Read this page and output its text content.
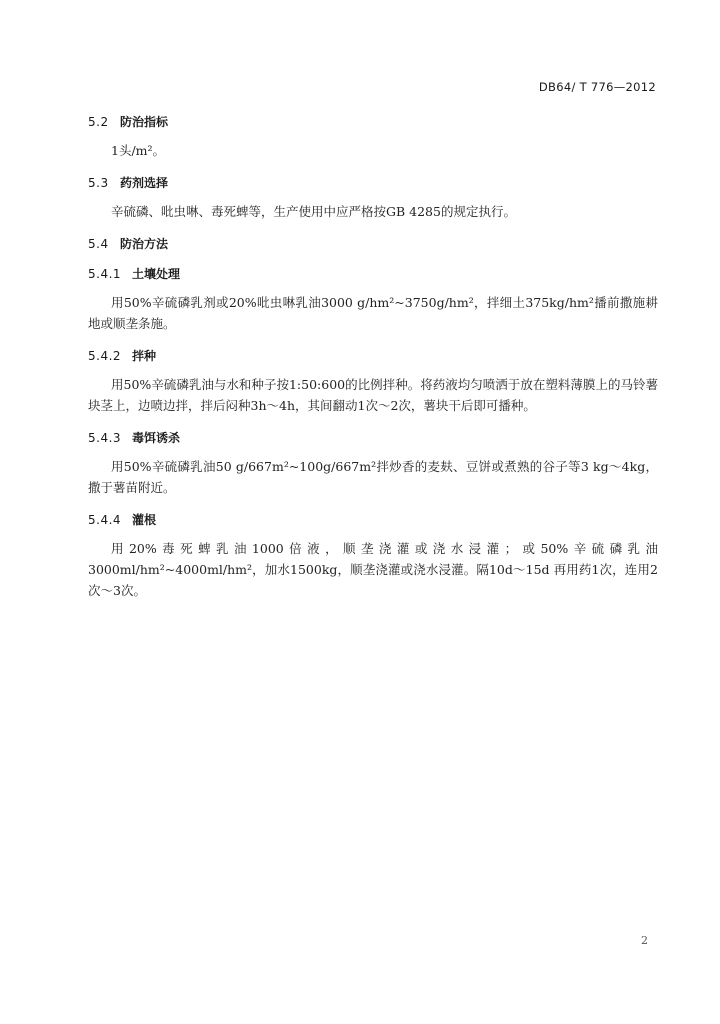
DB64/ T 776—2012
5.2 防治指标
1头/m²。
5.3 药剂选择
辛硫磷、吡虫啉、毒死蜱等，生产使用中应严格按GB 4285的规定执行。
5.4 防治方法
5.4.1 土壤处理
用50%辛硫磷乳剂或20%吡虫啉乳油3000 g/hm²~3750g/hm²，拌细土375kg/hm²播前撒施耕地或顺垄条施。
5.4.2 拌种
用50%辛硫磷乳油与水和种子按1:50:600的比例拌种。将药液均匀喷洒于放在塑料薄膜上的马铃薯块茎上，边喷边拌，拌后闷种3h～4h，其间翻动1次～2次，薯块干后即可播种。
5.4.3 毒饵诱杀
用50%辛硫磷乳油50 g/667m²~100g/667m²拌炒香的麦麸、豆饼或煮熟的谷子等3 kg～4kg，撒于薯苗附近。
5.4.4 灌根
用20%毒死蜱乳油1000倍液，顺垄浇灌或浇水浸灌；或50%辛硫磷乳油3000ml/hm²~4000ml/hm²，加水1500kg，顺垄浇灌或浇水浸灌。隔10d～15d 再用药1次，连用2次～3次。
2
